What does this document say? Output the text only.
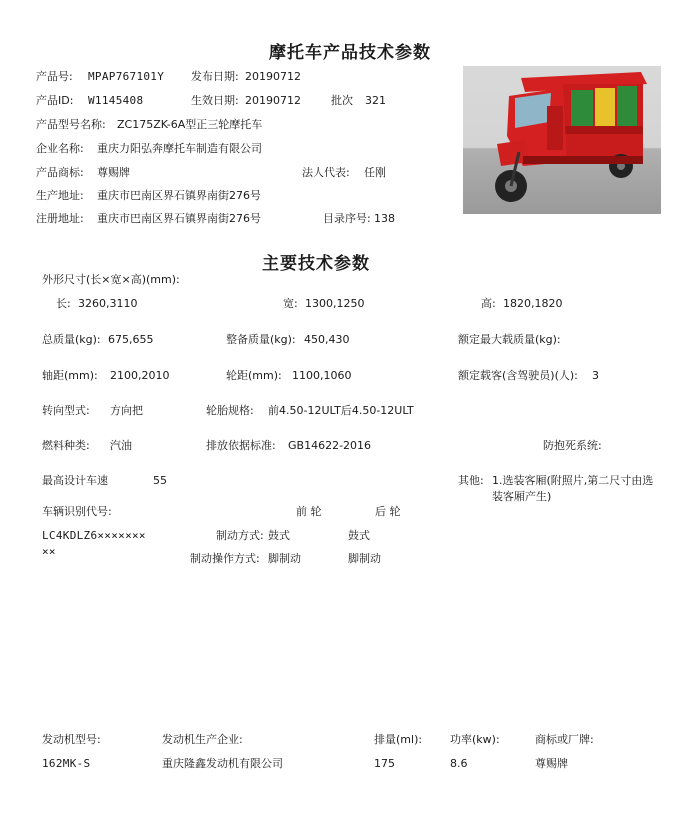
摩托车产品技术参数
产品号: MPAP767101Y 发布日期: 20190712
产品ID: W1145408	生效日期: 20190712	批次 321
产品型号名称: ZC175ZK-6A型正三轮摩托车
企业名称: 重庆力阳弘奔摩托车制造有限公司
产品商标: 尊赐牌	法人代表: 任刚
生产地址: 重庆市巴南区界石镇界南街276号
注册地址: 重庆市巴南区界石镇界南街276号	目录序号: 138
主要技术参数
外形尺寸(长×宽×高)(mm):
长: 3260,3110	宽: 1300,1250	高: 1820,1820
总质量(kg): 675,655	整备质量(kg): 450,430	额定最大载质量(kg):
轴距(mm): 2100,2010	轮距(mm): 1100,1060	额定载客(含驾驶员)(人): 3
转向型式: 方向把	轮胎规格: 前4.50-12ULT后4.50-12ULT
燃料种类: 汽油	排放依据标准: GB14622-2016	防抱死系统:
最高设计车速	55	其他: 1.选装客厢(附照片,第二尺寸由选
装客厢产生)
车辆识别代号:	前 轮	后 轮
LC4KDLZ6×××××××
××
制动方式: 鼓式	鼓式
制动操作方式: 脚制动	脚制动
发动机型号:	发动机生产企业:	排量(ml):	功率(kw):	商标或厂牌:
162MK-S	重庆隆鑫发动机有限公司	175	8.6	尊赐牌
